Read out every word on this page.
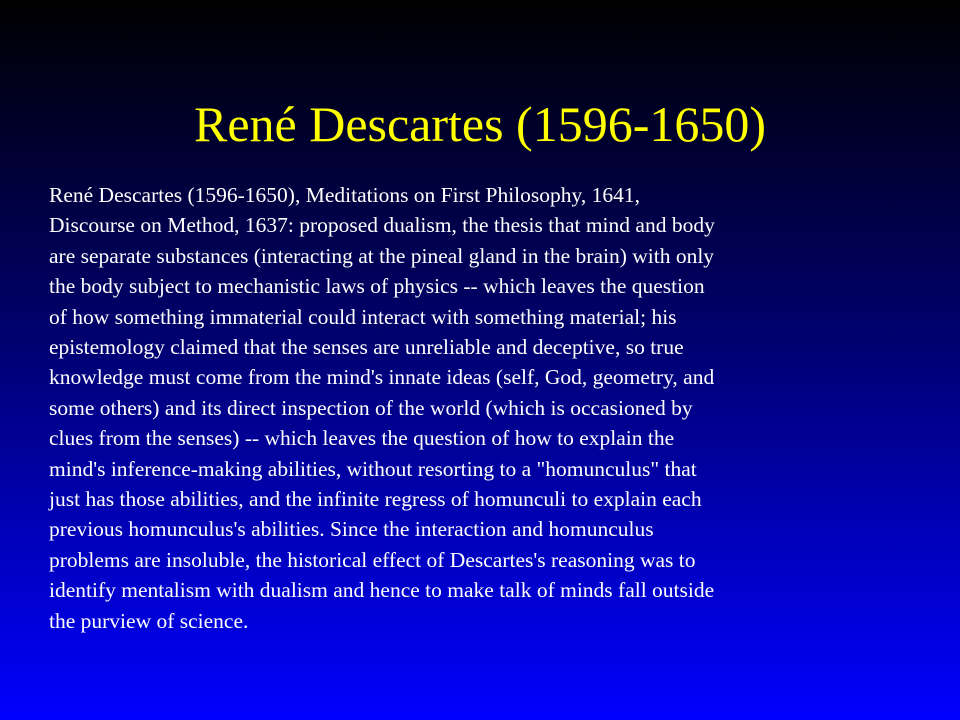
René Descartes (1596-1650)
René Descartes (1596-1650), Meditations on First Philosophy, 1641,
Discourse on Method, 1637: proposed dualism, the thesis that mind and body
are separate substances (interacting at the pineal gland in the brain) with only
the body subject to mechanistic laws of physics -- which leaves the question
of how something immaterial could interact with something material; his
epistemology claimed that the senses are unreliable and deceptive, so true
knowledge must come from the mind's innate ideas (self, God, geometry, and
some others) and its direct inspection of the world (which is occasioned by
clues from the senses) -- which leaves the question of how to explain the
mind's inference-making abilities, without resorting to a "homunculus" that
just has those abilities, and the infinite regress of homunculi to explain each
previous homunculus's abilities. Since the interaction and homunculus
problems are insoluble, the historical effect of Descartes's reasoning was to
identify mentalism with dualism and hence to make talk of minds fall outside
the purview of science.
